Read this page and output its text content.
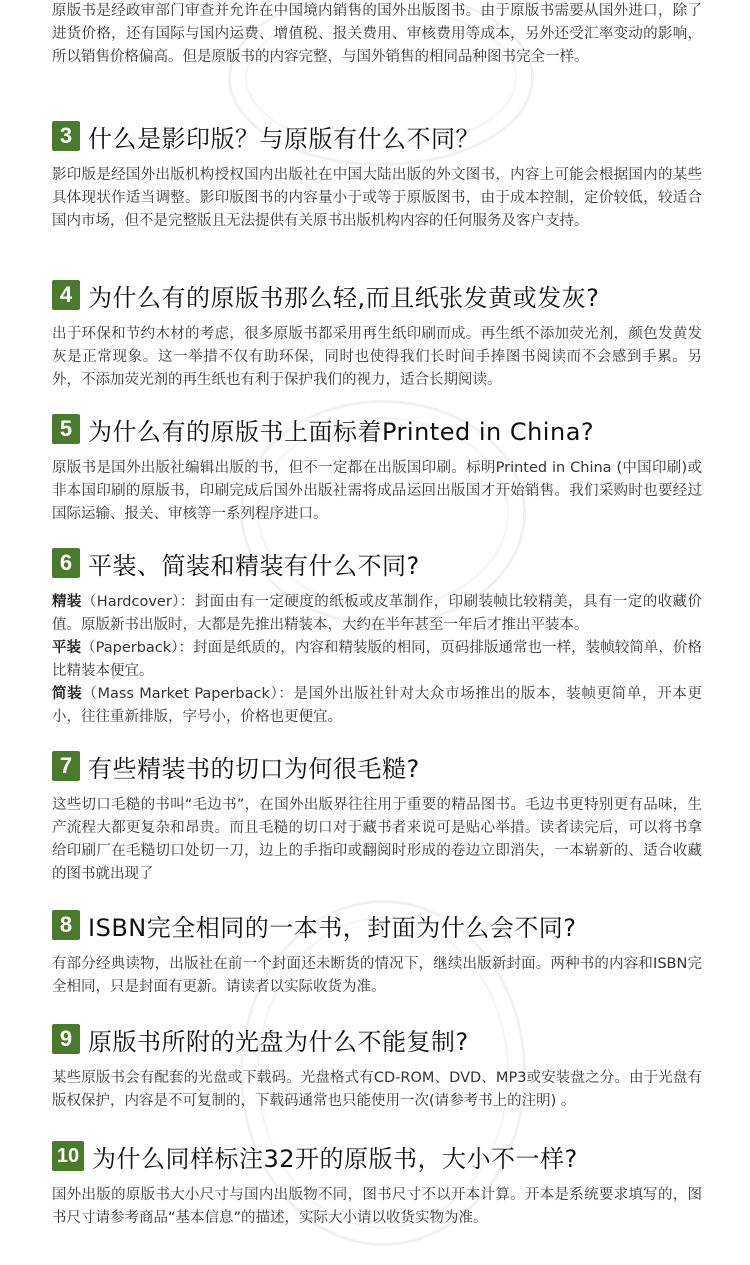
原版书是经政审部门审查并允许在中国境内销售的国外出版图书。由于原版书需要从国外进口，除了进货价格，还有国际与国内运费、增值税、报关费用、审核费用等成本，另外还受汇率变动的影响，所以销售价格偏高。但是原版书的内容完整，与国外销售的相同品种图书完全一样。

3 什么是影印版？与原版有什么不同？

影印版是经国外出版机构授权国内出版社在中国大陆出版的外文图书，内容上可能会根据国内的某些具体现状作适当调整。影印版图书的内容量小于或等于原版图书，由于成本控制，定价较低，较适合国内市场，但不是完整版且无法提供有关原书出版机构内容的任何服务及客户支持。

4 为什么有的原版书那么轻,而且纸张发黄或发灰?

出于环保和节约木材的考虑，很多原版书都采用再生纸印刷而成。再生纸不添加荧光剂，颜色发黄发灰是正常现象。这一举措不仅有助环保，同时也使得我们长时间手捧图书阅读而不会感到手累。另外，不添加荧光剂的再生纸也有利于保护我们的视力，适合长期阅读。

5 为什么有的原版书上面标着Printed in China?

原版书是国外出版社编辑出版的书，但不一定都在出版国印刷。标明Printed in China (中国印刷)或非本国印刷的原版书，印刷完成后国外出版社需将成品运回出版国才开始销售。我们采购时也要经过国际运输、报关、审核等一系列程序进口。

6 平装、简装和精装有什么不同?

精装（Hardcover）：封面由有一定硬度的纸板或皮革制作，印刷装帧比较精美，具有一定的收藏价值。原版新书出版时，大都是先推出精装本，大约在半年甚至一年后才推出平装本。

平装（Paperback）：封面是纸质的，内容和精装版的相同，页码排版通常也一样，装帧较简单，价格比精装本便宜。

简装（Mass Market Paperback）：是国外出版社针对大众市场推出的版本，装帧更简单，开本更小，往往重新排版，字号小，价格也更便宜。

7 有些精装书的切口为何很毛糙?

这些切口毛糙的书叫“毛边书”，在国外出版界往往用于重要的精品图书。毛边书更特别更有品味，生产流程大都更复杂和昂贵。而且毛糙的切口对于藏书者来说可是贴心举措。读者读完后，可以将书拿给印刷厂在毛糙切口处切一刀，边上的手指印或翻阅时形成的卷边立即消失，一本崭新的、适合收藏的图书就出现了

8 ISBN完全相同的一本书，封面为什么会不同?

有部分经典读物，出版社在前一个封面还未断货的情况下，继续出版新封面。两种书的内容和ISBN完全相同，只是封面有更新。请读者以实际收货为准。

9 原版书所附的光盘为什么不能复制?

某些原版书会有配套的光盘或下载码。光盘格式有CD-ROM、DVD、MP3或安装盘之分。由于光盘有版权保护，内容是不可复制的，下载码通常也只能使用一次(请参考书上的注明) 。

10 为什么同样标注32开的原版书，大小不一样?

国外出版的原版书大小尺寸与国内出版物不同，图书尺寸不以开本计算。开本是系统要求填写的，图书尺寸请参考商品“基本信息”的描述，实际大小请以收货实物为准。
